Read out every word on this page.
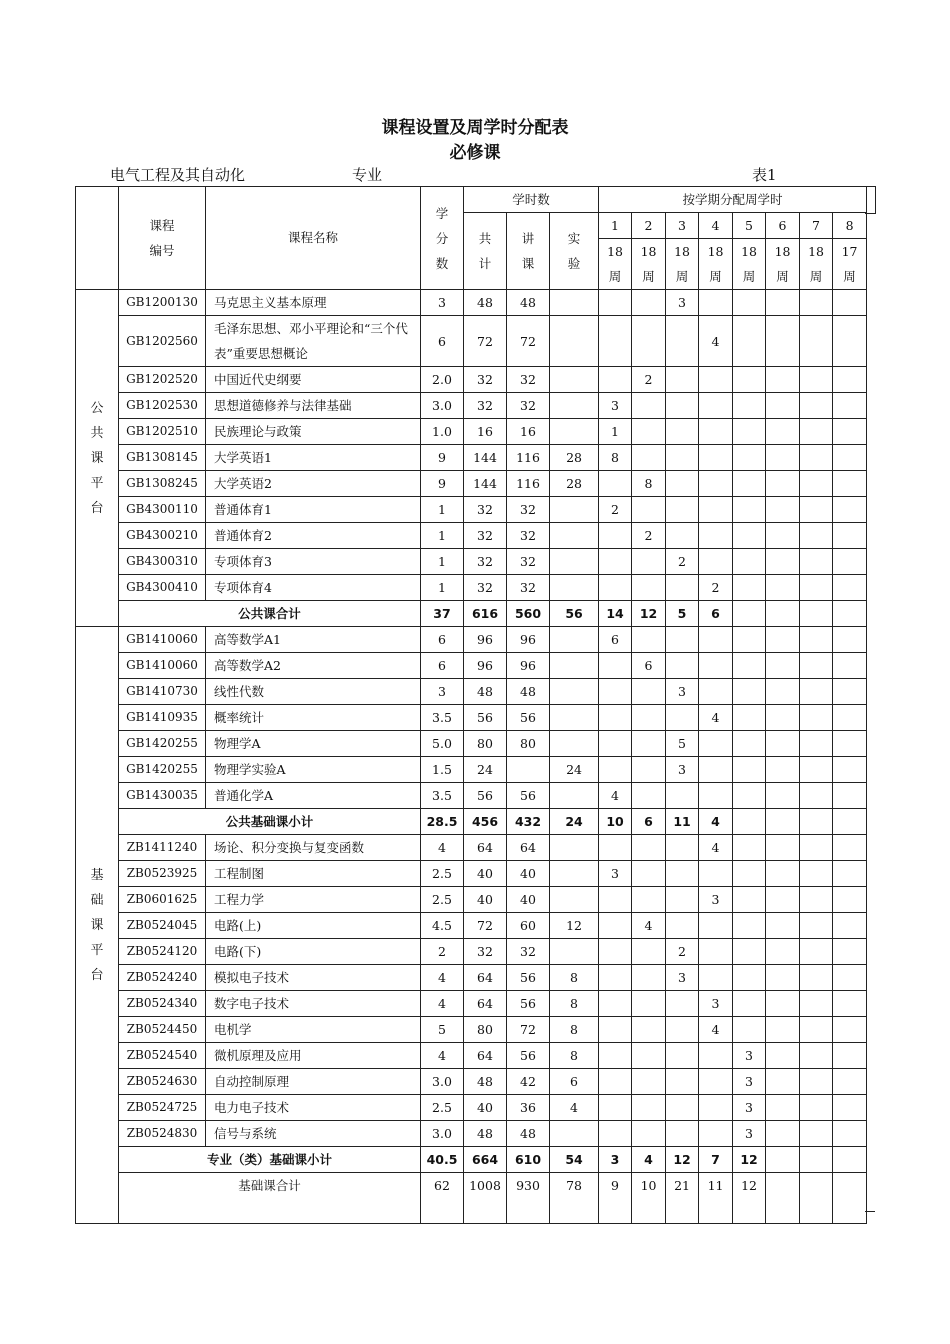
课程设置及周学时分配表
必修课
电气工程及其自动化	专业	表1
	课程编号	课程名称	学分数	学时数			按学期分配周学时							
				共计	讲课	实验	1	2	3	4	5	6	7	8
							18周	18周	18周	18周	18周	18周	18周	17周

公共课平台	GB1200130	马克思主义基本原理	3	48	48				3					
	GB1202560	毛泽东思想、邓小平理论和“三个代表”重要思想概论	6	72	72					4				
	GB1202520	中国近代史纲要	2.0	32	32			2						
	GB1202530	思想道德修养与法律基础	3.0	32	32		3							
	GB1202510	民族理论与政策	1.0	16	16		1							
	GB1308145	大学英语1	9	144	116	28	8							
	GB1308245	大学英语2	9	144	116	28		8						
	GB4300110	普通体育1	1	32	32		2							
	GB4300210	普通体育2	1	32	32			2						
	GB4300310	专项体育3	1	32	32				2					
	GB4300410	专项体育4	1	32	32					2				
	公共课合计		37	616	560	56	14	12	5	6				
基础课平台	GB1410060	高等数学A1	6	96	96		6							
	GB1410060	高等数学A2	6	96	96			6						
	GB1410730	线性代数	3	48	48				3					
	GB1410935	概率统计	3.5	56	56					4				
	GB1420255	物理学A	5.0	80	80				5					
	GB1420255	物理学实验A	1.5	24		24			3					
	GB1430035	普通化学A	3.5	56	56		4							
	公共基础课小计		28.5	456	432	24	10	6	11	4				
	ZB1411240	场论、积分变换与复变函数	4	64	64					4				
	ZB0523925	工程制图	2.5	40	40		3							
	ZB0601625	工程力学	2.5	40	40					3				
	ZB0524045	电路(上)	4.5	72	60	12		4						
	ZB0524120	电路(下)	2	32	32				2					
	ZB0524240	模拟电子技术	4	64	56	8			3					
	ZB0524340	数字电子技术	4	64	56	8				3				
	ZB0524450	电机学	5	80	72	8				4				
	ZB0524540	微机原理及应用	4	64	56	8					3			
	ZB0524630	自动控制原理	3.0	48	42	6					3			
	ZB0524725	电力电子技术	2.5	40	36	4					3			
	ZB0524830	信号与系统	3.0	48	48						3			
	专业（类）基础课小计		40.5	664	610	54	3	4	12	7	12			
	基础课合计		62	1008	930	78	9	10	21	11	12			
